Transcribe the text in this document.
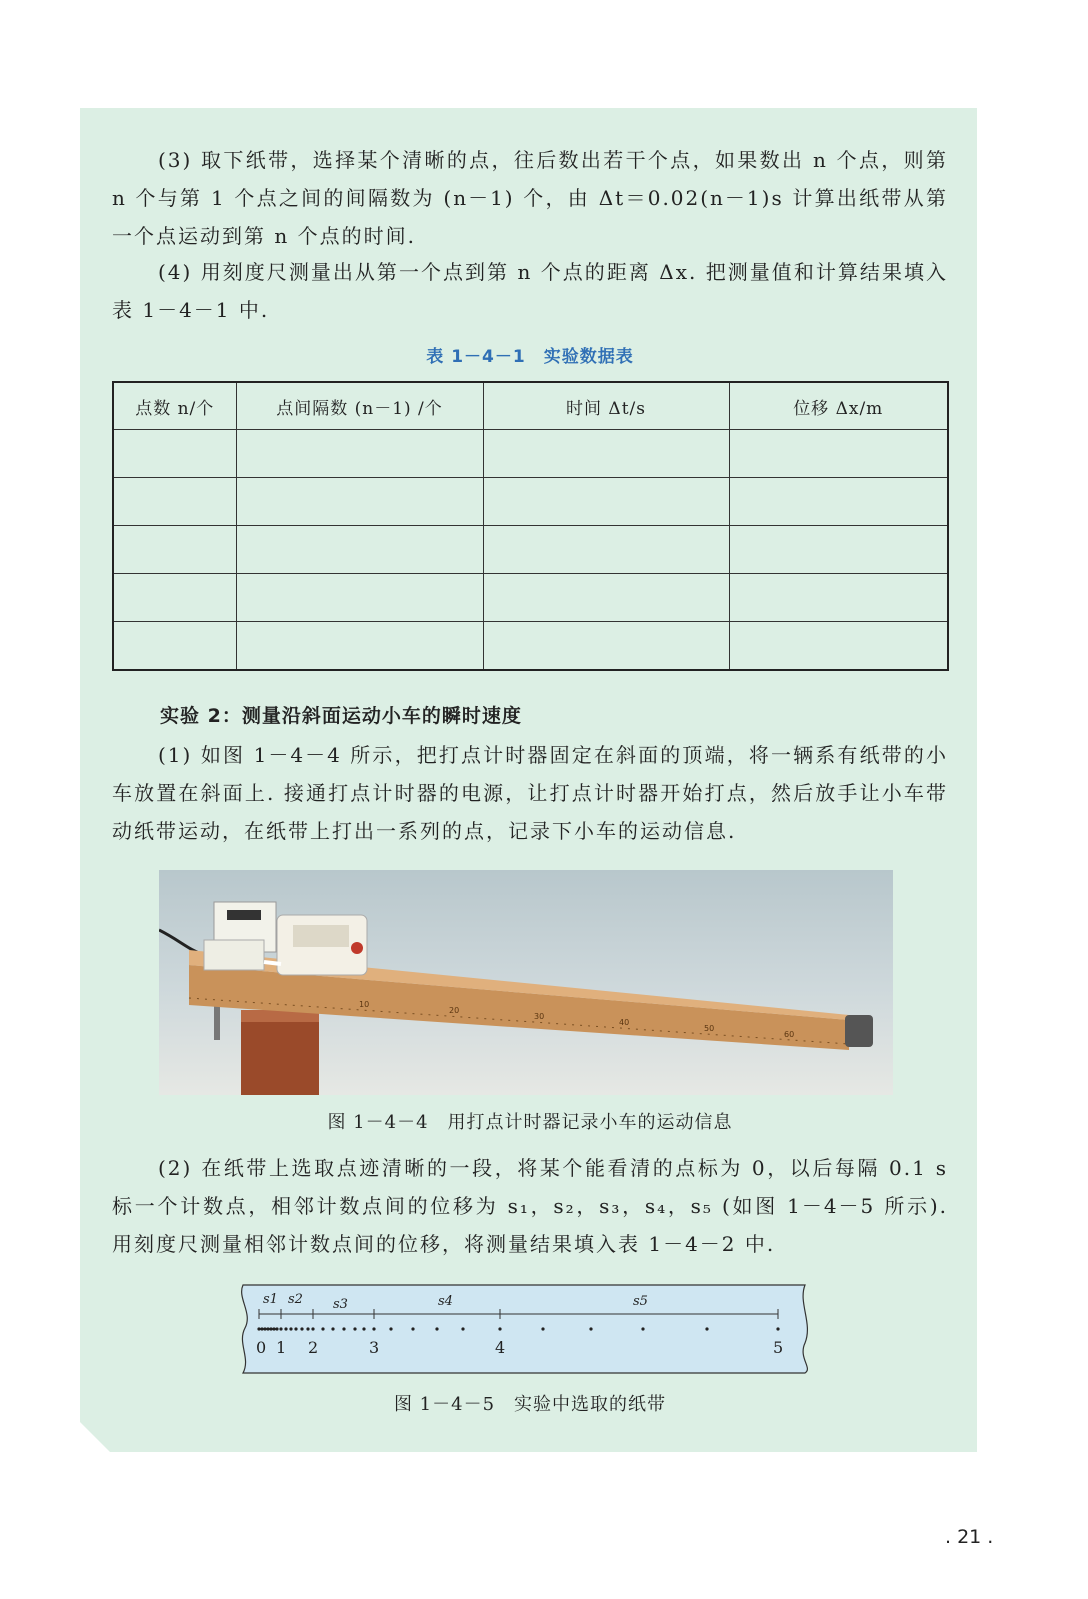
(3) 取下纸带，选择某个清晰的点，往后数出若干个点，如果数出 n 个点，则第 n 个与第 1 个点之间的间隔数为 (n－1) 个，由 Δt＝0.02(n－1)s 计算出纸带从第一个点运动到第 n 个点的时间.

(4) 用刻度尺测量出从第一个点到第 n 个点的距离 Δx. 把测量值和计算结果填入表 1－4－1 中.

表 1－4－1　实验数据表
点数 n/个	点间隔数 (n－1) /个	时间 Δt/s	位移 Δx/m

实验 2：测量沿斜面运动小车的瞬时速度

(1) 如图 1－4－4 所示，把打点计时器固定在斜面的顶端，将一辆系有纸带的小车放置在斜面上. 接通打点计时器的电源，让打点计时器开始打点，然后放手让小车带动纸带运动，在纸带上打出一系列的点，记录下小车的运动信息.

10
20
30
40
50
60
图 1－4－4　用打点计时器记录小车的运动信息

(2) 在纸带上选取点迹清晰的一段，将某个能看清的点标为 0，以后每隔 0.1 s 标一个计数点，相邻计数点间的位移为 s₁，s₂，s₃，s₄，s₅ (如图 1－4－5 所示). 用刻度尺测量相邻计数点间的位移，将测量结果填入表 1－4－2 中.

s1 s2 s3	s4	s5
0 1 2	3	4	5
图 1－4－5　实验中选取的纸带
. 21 .
